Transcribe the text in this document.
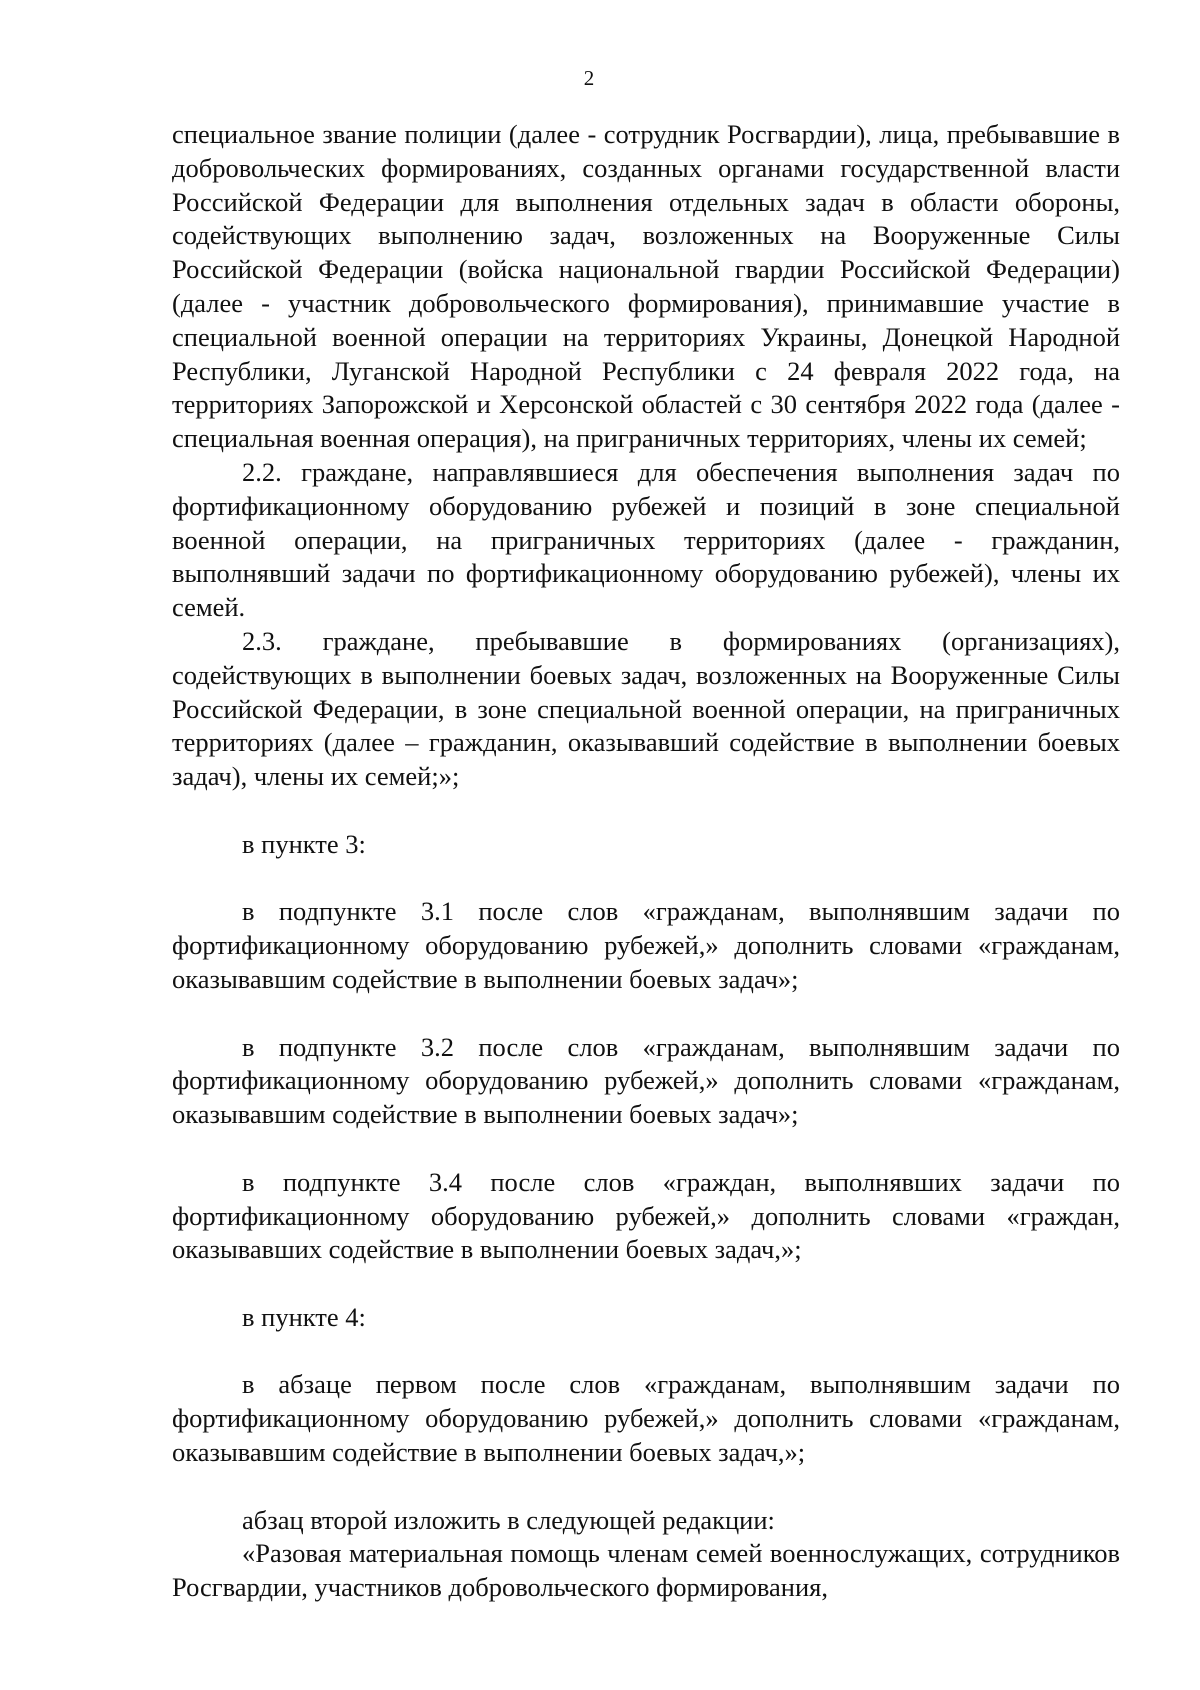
2

специальное звание полиции (далее - сотрудник Росгвардии), лица, пребывавшие в добровольческих формированиях, созданных органами государственной власти Российской Федерации для выполнения отдельных задач в области обороны, содействующих выполнению задач, возложенных на Вооруженные Силы Российской Федерации (войска национальной гвардии Российской Федерации) (далее - участник добровольческого формирования), принимавшие участие в специальной военной операции на территориях Украины, Донецкой Народной Республики, Луганской Народной Республики с 24 февраля 2022 года, на территориях Запорожской и Херсонской областей с 30 сентября 2022 года (далее - специальная военная операция), на приграничных территориях, члены их семей;

2.2. граждане, направлявшиеся для обеспечения выполнения задач по фортификационному оборудованию рубежей и позиций в зоне специальной военной операции, на приграничных территориях (далее - гражданин, выполнявший задачи по фортификационному оборудованию рубежей), члены их семей.

2.3. граждане, пребывавшие в формированиях (организациях), содействующих в выполнении боевых задач, возложенных на Вооруженные Силы Российской Федерации, в зоне специальной военной операции, на приграничных территориях (далее – гражданин, оказывавший содействие в выполнении боевых задач), члены их семей;»;

в пункте 3:

в подпункте 3.1 после слов «гражданам, выполнявшим задачи по фортификационному оборудованию рубежей,» дополнить словами «гражданам, оказывавшим содействие в выполнении боевых задач»;

в подпункте 3.2 после слов «гражданам, выполнявшим задачи по фортификационному оборудованию рубежей,» дополнить словами «гражданам, оказывавшим содействие в выполнении боевых задач»;

в подпункте 3.4 после слов «граждан, выполнявших задачи по фортификационному оборудованию рубежей,» дополнить словами «граждан, оказывавших содействие в выполнении боевых задач,»;

в пункте 4:

в абзаце первом после слов «гражданам, выполнявшим задачи по фортификационному оборудованию рубежей,» дополнить словами «гражданам, оказывавшим содействие в выполнении боевых задач,»;

абзац второй изложить в следующей редакции:

«Разовая материальная помощь членам семей военнослужащих, сотрудников Росгвардии, участников добровольческого формирования,
